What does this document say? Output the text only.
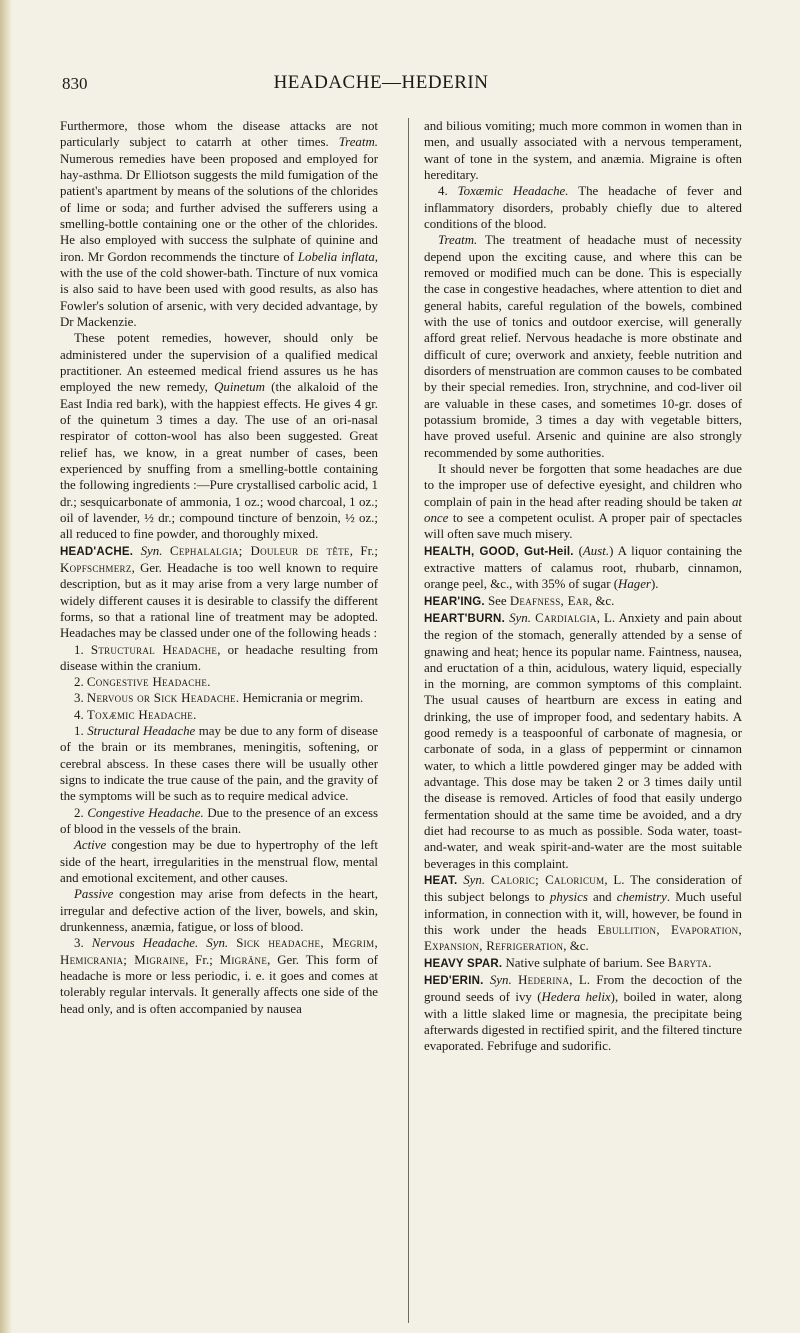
830	HEADACHE—HEDERIN

Furthermore, those whom the disease attacks are not particularly subject to catarrh at other times. Treatm. Numerous remedies have been proposed and employed for hay-asthma. Dr Elliotson suggests the mild fumigation of the patient's apartment by means of the solutions of the chlorides of lime or soda; and further advised the sufferers using a smelling-bottle containing one or the other of the chlorides. He also employed with success the sulphate of quinine and iron. Mr Gordon recommends the tincture of Lobelia inflata, with the use of the cold shower-bath. Tincture of nux vomica is also said to have been used with good results, as also has Fowler's solution of arsenic, with very decided advantage, by Dr Mackenzie.

These potent remedies, however, should only be administered under the supervision of a qualified medical practitioner. An esteemed medical friend assures us he has employed the new remedy, Quinetum (the alkaloid of the East India red bark), with the happiest effects. He gives 4 gr. of the quinetum 3 times a day. The use of an ori-nasal respirator of cotton-wool has also been suggested. Great relief has, we know, in a great number of cases, been experienced by snuffing from a smelling-bottle containing the following ingredients :—Pure crystallised carbolic acid, 1 dr.; sesquicarbonate of ammonia, 1 oz.; wood charcoal, 1 oz.; oil of lavender, ½ dr.; compound tincture of benzoin, ½ oz.; all reduced to fine powder, and thoroughly mixed.

HEAD'ACHE. Syn. Cephalalgia; Douleur de tête, Fr.; Kopfschmerz, Ger. Headache is too well known to require description, but as it may arise from a very large number of widely different causes it is desirable to classify the different forms, so that a rational line of treatment may be adopted. Headaches may be classed under one of the following heads :

1. Structural Headache, or headache resulting from disease within the cranium.

2. Congestive Headache.

3. Nervous or Sick Headache. Hemicrania or megrim.

4. Toxæmic Headache.

1. Structural Headache may be due to any form of disease of the brain or its membranes, meningitis, softening, or cerebral abscess. In these cases there will be usually other signs to indicate the true cause of the pain, and the gravity of the symptoms will be such as to require medical advice.

2. Congestive Headache. Due to the presence of an excess of blood in the vessels of the brain.

Active congestion may be due to hypertrophy of the left side of the heart, irregularities in the menstrual flow, mental and emotional excitement, and other causes.

Passive congestion may arise from defects in the heart, irregular and defective action of the liver, bowels, and skin, drunkenness, anæmia, fatigue, or loss of blood.

3. Nervous Headache. Syn. Sick headache, Megrim, Hemicrania; Migraine, Fr.; Migräne, Ger. This form of headache is more or less periodic, i. e. it goes and comes at tolerably regular intervals. It generally affects one side of the head only, and is often accompanied by nausea

and bilious vomiting; much more common in women than in men, and usually associated with a nervous temperament, want of tone in the system, and anæmia. Migraine is often hereditary.

4. Toxæmic Headache. The headache of fever and inflammatory disorders, probably chiefly due to altered conditions of the blood.

Treatm. The treatment of headache must of necessity depend upon the exciting cause, and where this can be removed or modified much can be done. This is especially the case in congestive headaches, where attention to diet and general habits, careful regulation of the bowels, combined with the use of tonics and outdoor exercise, will generally afford great relief. Nervous headache is more obstinate and difficult of cure; overwork and anxiety, feeble nutrition and disorders of menstruation are common causes to be combated by their special remedies. Iron, strychnine, and cod-liver oil are valuable in these cases, and sometimes 10-gr. doses of potassium bromide, 3 times a day with vegetable bitters, have proved useful. Arsenic and quinine are also strongly recommended by some authorities.

It should never be forgotten that some headaches are due to the improper use of defective eyesight, and children who complain of pain in the head after reading should be taken at once to see a competent oculist. A proper pair of spectacles will often save much misery.

HEALTH, GOOD, Gut-Heil. (Aust.) A liquor containing the extractive matters of calamus root, rhubarb, cinnamon, orange peel, &c., with 35% of sugar (Hager).

HEAR'ING. See Deafness, Ear, &c.

HEART'BURN. Syn. Cardialgia, L. Anxiety and pain about the region of the stomach, generally attended by a sense of gnawing and heat; hence its popular name. Faintness, nausea, and eructation of a thin, acidulous, watery liquid, especially in the morning, are common symptoms of this complaint. The usual causes of heartburn are excess in eating and drinking, the use of improper food, and sedentary habits. A good remedy is a teaspoonful of carbonate of magnesia, or carbonate of soda, in a glass of peppermint or cinnamon water, to which a little powdered ginger may be added with advantage. This dose may be taken 2 or 3 times daily until the disease is removed. Articles of food that easily undergo fermentation should at the same time be avoided, and a dry diet had recourse to as much as possible. Soda water, toast-and-water, and weak spirit-and-water are the most suitable beverages in this complaint.

HEAT. Syn. Caloric; Caloricum, L. The consideration of this subject belongs to physics and chemistry. Much useful information, in connection with it, will, however, be found in this work under the heads Ebullition, Evaporation, Expansion, Refrigeration, &c.

HEAVY SPAR. Native sulphate of barium. See Baryta.

HED'ERIN. Syn. Hederina, L. From the decoction of the ground seeds of ivy (Hedera helix), boiled in water, along with a little slaked lime or magnesia, the precipitate being afterwards digested in rectified spirit, and the filtered tincture evaporated. Febrifuge and sudorific.
